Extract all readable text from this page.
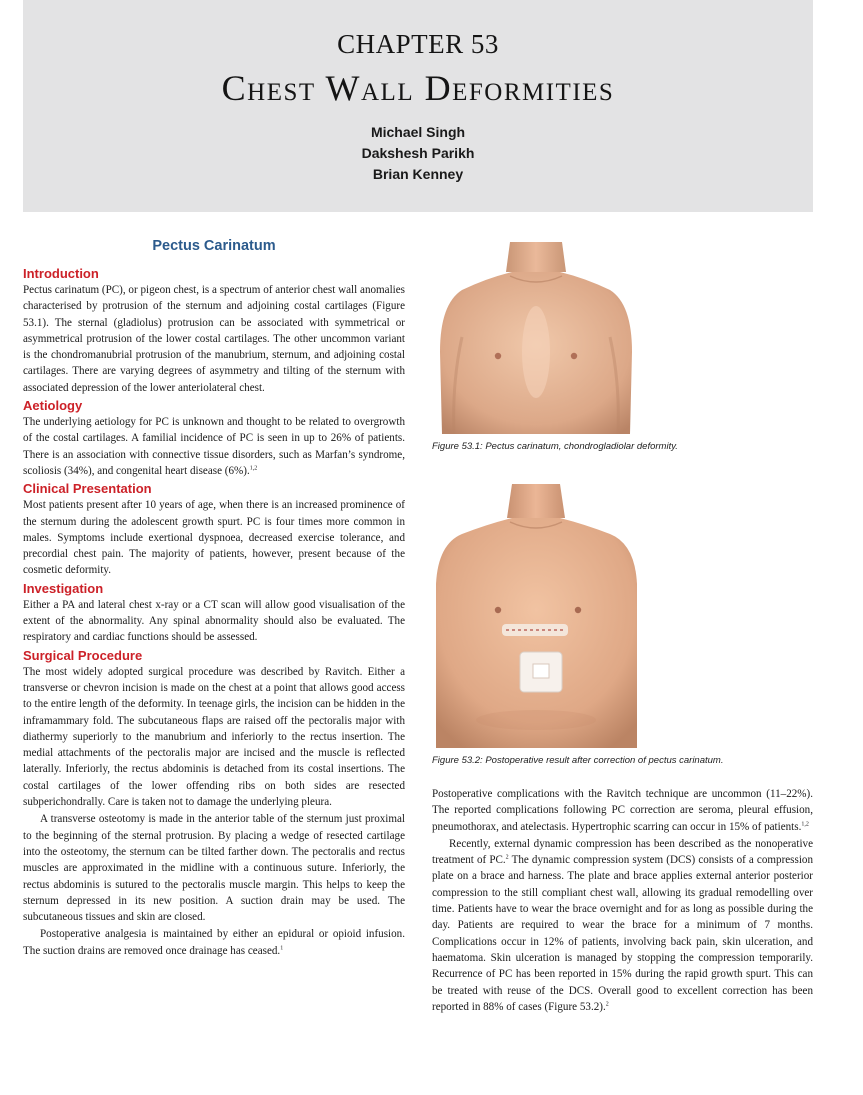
CHAPTER 53
Chest Wall Deformities
Michael Singh
Dakshesh Parikh
Brian Kenney
Pectus Carinatum
Introduction

Pectus carinatum (PC), or pigeon chest, is a spectrum of anterior chest wall anomalies characterised by protrusion of the sternum and adjoining costal cartilages (Figure 53.1). The sternal (gladiolus) protrusion can be associated with symmetrical or asymmetrical protrusion of the lower costal cartilages. The other uncommon variant is the chondromanubrial protrusion of the manubrium, sternum, and adjoining costal cartilages. There are varying degrees of asymmetry and tilting of the sternum with associated depression of the lower anteriolateral chest.

Aetiology

The underlying aetiology for PC is unknown and thought to be related to overgrowth of the costal cartilages. A familial incidence of PC is seen in up to 26% of patients. There is an association with connective tissue disorders, such as Marfan’s syndrome, scoliosis (34%), and congenital heart disease (6%).$^{1,2}$

Clinical Presentation

Most patients present after 10 years of age, when there is an increased prominence of the sternum during the adolescent growth spurt. PC is four times more common in males. Symptoms include exertional dyspnoea, decreased exercise tolerance, and precordial chest pain. The majority of patients, however, present because of the cosmetic deformity.

Investigation

Either a PA and lateral chest x-ray or a CT scan will allow good visualisation of the extent of the abnormality. Any spinal abnormality should also be evaluated. The respiratory and cardiac functions should be assessed.

Surgical Procedure

The most widely adopted surgical procedure was described by Ravitch. Either a transverse or chevron incision is made on the chest at a point that allows good access to the entire length of the deformity. In teenage girls, the incision can be hidden in the inframammary fold. The subcutaneous flaps are raised off the pectoralis major with diathermy superiorly to the manubrium and inferiorly to the rectus insertion. The medial attachments of the pectoralis major are incised and the muscle is reflected laterally. Inferiorly, the rectus abdominis is detached from its costal insertions. The costal cartilages of the lower offending ribs on both sides are resected subperichondrally. Care is taken not to damage the underlying pleura.

A transverse osteotomy is made in the anterior table of the sternum just proximal to the beginning of the sternal protrusion. By placing a wedge of resected cartilage into the osteotomy, the sternum can be tilted farther down. The pectoralis and rectus muscles are approximated in the midline with a continuous suture. Inferiorly, the rectus abdominis is sutured to the pectoralis muscle margin. This helps to keep the sternum depressed in its new position. A suction drain may be used. The subcutaneous tissues and skin are closed.

Postoperative analgesia is maintained by either an epidural or opioid infusion. The suction drains are removed once drainage has ceased.$^1$

Figure 53.1: Pectus carinatum, chondrogladiolar deformity.
Figure 53.2: Postoperative result after correction of pectus carinatum.

Postoperative complications with the Ravitch technique are uncommon (11–22%). The reported complications following PC correction are seroma, pleural effusion, pneumothorax, and atelectasis. Hypertrophic scarring can occur in 15% of patients.$^{1,2}$

Recently, external dynamic compression has been described as the nonoperative treatment of PC.$^2$ The dynamic compression system (DCS) consists of a compression plate on a brace and harness. The plate and brace applies external anterior posterior compression to the still compliant chest wall, allowing its gradual remodelling over time. Patients have to wear the brace overnight and for as long as possible during the day. Patients are required to wear the brace for a minimum of 7 months. Complications occur in 12% of patients, involving back pain, skin ulceration, and haematoma. Skin ulceration is managed by stopping the compression temporarily. Recurrence of PC has been reported in 15% during the rapid growth spurt. This can be treated with reuse of the DCS. Overall good to excellent correction has been reported in 88% of cases (Figure 53.2).$^2$
